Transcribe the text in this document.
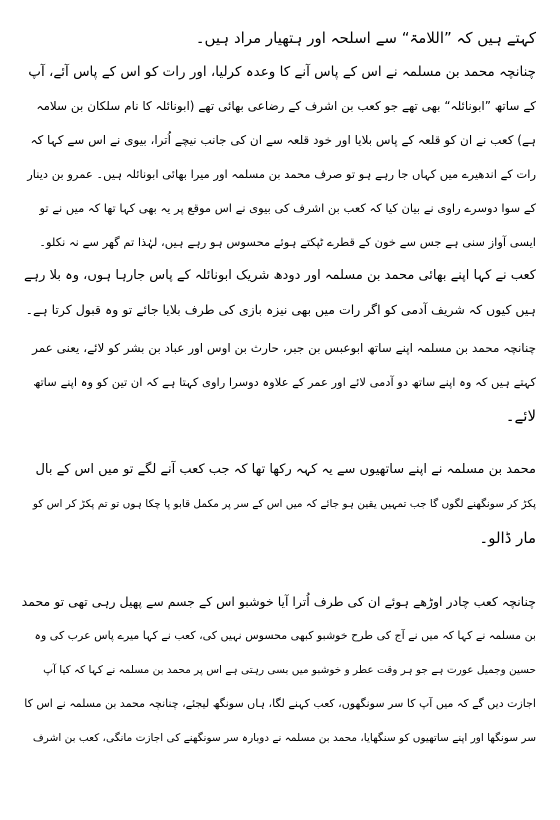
کہتے ہیں کہ ”اللامۃ“ سے اسلحہ اور ہتھیار مراد ہیں۔
چنانچہ محمد بن مسلمہ نے اس کے پاس آنے کا وعدہ کرلیا، اور رات کو اس کے پاس آئے، آپ
کے ساتھ ”ابونائلہ“ بھی تھے جو کعب بن اشرف کے رضاعی بھائی تھے (ابونائلہ کا نام سلکان بن سلامہ
ہے) کعب نے ان کو قلعہ کے پاس بلایا اور خود قلعہ سے ان کی جانب نیچے اُترا، بیوی نے اس سے کہا کہ
رات کے اندھیرے میں کہاں جا رہے ہو تو صرف محمد بن مسلمہ اور میرا بھائی ابونائلہ ہیں۔ عمرو بن دینار
کے سوا دوسرے راوی نے بیان کیا کہ کعب بن اشرف کی بیوی نے اس موقع پر یہ بھی کہا تھا کہ میں نے تو
ایسی آواز سنی ہے جس سے خون کے قطرے ٹپکتے ہوئے محسوس ہو رہے ہیں، لہٰذا تم گھر سے نہ نکلو۔
کعب نے کہا اپنے بھائی محمد بن مسلمہ اور دودھ شریک ابونائلہ کے پاس جارہا ہوں، وہ بلا رہے
ہیں کیوں کہ شریف آدمی کو اگر رات میں بھی نیزہ بازی کی طرف بلایا جائے تو وہ قبول کرتا ہے۔
چنانچہ محمد بن مسلمہ اپنے ساتھ ابوعبس بن جبر، حارث بن اوس اور عباد بن بشر کو لائے، یعنی عمر
کہتے ہیں کہ وہ اپنے ساتھ دو آدمی لائے اور عمر کے علاوہ دوسرا راوی کہتا ہے کہ ان تین کو وہ اپنے ساتھ
لائے۔
محمد بن مسلمہ نے اپنے ساتھیوں سے یہ کہہ رکھا تھا کہ جب کعب آنے لگے تو میں اس کے بال
پکڑ کر سونگھنے لگوں گا جب تمہیں یقین ہو جائے کہ میں اس کے سر پر مکمل قابو پا چکا ہوں تو تم پکڑ کر اس کو
مار ڈالو۔
چنانچہ کعب چادر اوڑھے ہوئے ان کی طرف اُترا آیا خوشبو اس کے جسم سے پھیل رہی تھی تو محمد
بن مسلمہ نے کہا کہ میں نے آج کی طرح خوشبو کبھی محسوس نہیں کی، کعب نے کہا میرے پاس عرب کی وہ
حسین وجمیل عورت ہے جو ہر وقت عطر و خوشبو میں بسی رہتی ہے اس پر محمد بن مسلمہ نے کہا کہ کیا آپ
اجازت دیں گے کہ میں آپ کا سر سونگھوں، کعب کہنے لگا، ہاں سونگھ لیجئے، چنانچہ محمد بن مسلمہ نے اس کا
سر سونگھا اور اپنے ساتھیوں کو سنگھایا، محمد بن مسلمہ نے دوبارہ سر سونگھنے کی اجازت مانگی، کعب بن اشرف
